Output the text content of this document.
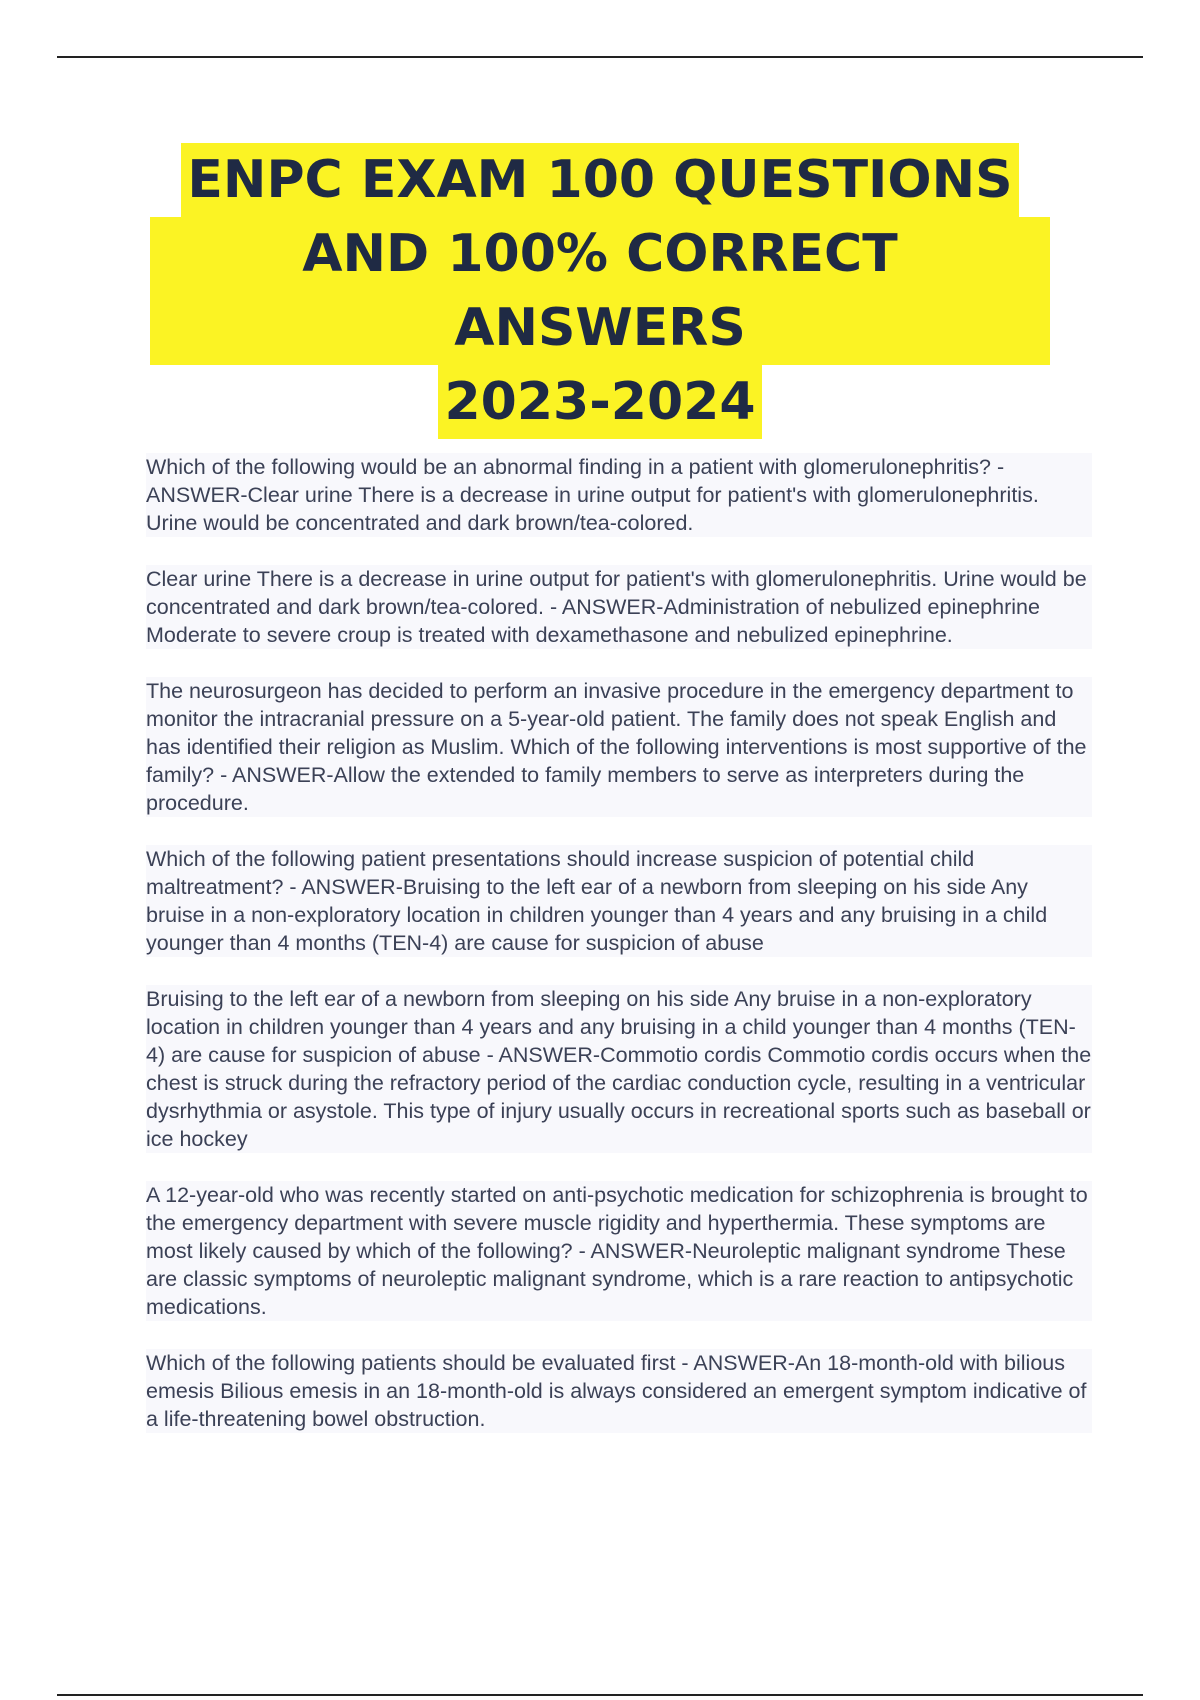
ENPC EXAM 100 QUESTIONS
AND 100% CORRECT ANSWERS
2023-2024

Which of the following would be an abnormal finding in a patient with glomerulonephritis? - ANSWER-Clear urine There is a decrease in urine output for patient's with glomerulonephritis. Urine would be concentrated and dark brown/tea-colored.

Clear urine There is a decrease in urine output for patient's with glomerulonephritis. Urine would be concentrated and dark brown/tea-colored. - ANSWER-Administration of nebulized epinephrine Moderate to severe croup is treated with dexamethasone and nebulized epinephrine.

The neurosurgeon has decided to perform an invasive procedure in the emergency department to monitor the intracranial pressure on a 5-year-old patient. The family does not speak English and has identified their religion as Muslim. Which of the following interventions is most supportive of the family? - ANSWER-Allow the extended to family members to serve as interpreters during the procedure.

Which of the following patient presentations should increase suspicion of potential child maltreatment? - ANSWER-Bruising to the left ear of a newborn from sleeping on his side Any bruise in a non-exploratory location in children younger than 4 years and any bruising in a child younger than 4 months (TEN-4) are cause for suspicion of abuse

Bruising to the left ear of a newborn from sleeping on his side Any bruise in a non-exploratory location in children younger than 4 years and any bruising in a child younger than 4 months (TEN-4) are cause for suspicion of abuse - ANSWER-Commotio cordis Commotio cordis occurs when the chest is struck during the refractory period of the cardiac conduction cycle, resulting in a ventricular dysrhythmia or asystole. This type of injury usually occurs in recreational sports such as baseball or ice hockey

A 12-year-old who was recently started on anti-psychotic medication for schizophrenia is brought to the emergency department with severe muscle rigidity and hyperthermia. These symptoms are most likely caused by which of the following? - ANSWER-Neuroleptic malignant syndrome These are classic symptoms of neuroleptic malignant syndrome, which is a rare reaction to antipsychotic medications.

Which of the following patients should be evaluated first - ANSWER-An 18-month-old with bilious emesis Bilious emesis in an 18-month-old is always considered an emergent symptom indicative of a life-threatening bowel obstruction.
